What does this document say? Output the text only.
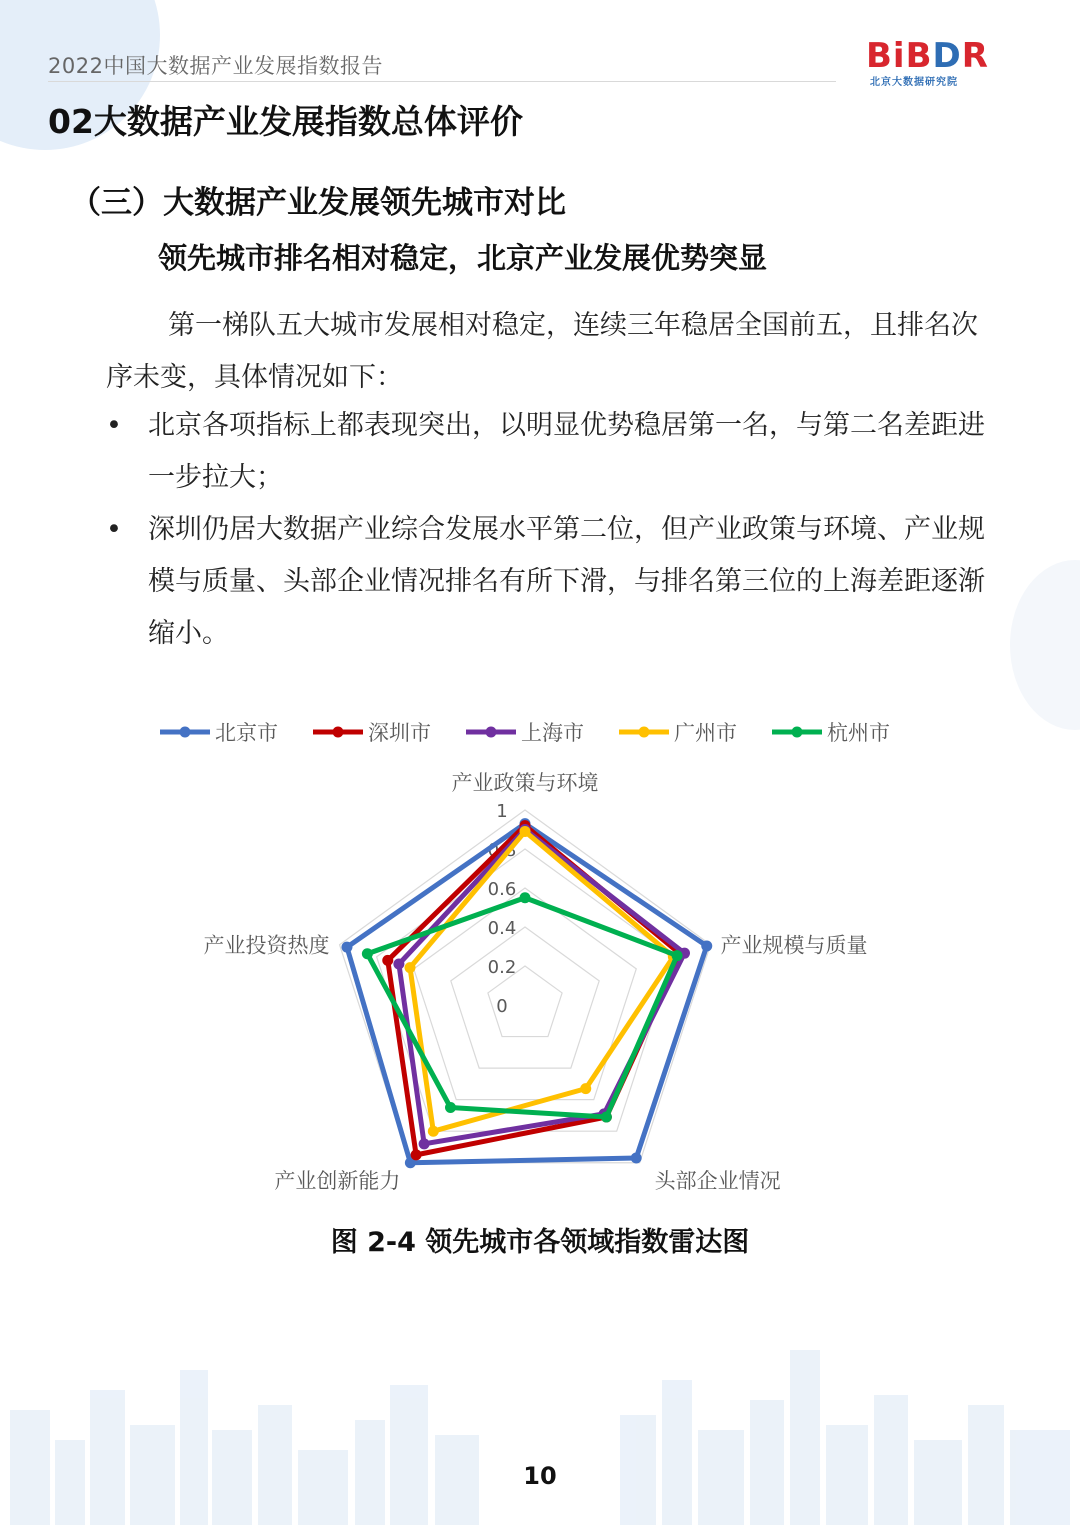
2022中国大数据产业发展指数报告	BiBDR
北京大数据研究院
02大数据产业发展指数总体评价
（三）大数据产业发展领先城市对比
领先城市排名相对稳定，北京产业发展优势突显
第一梯队五大城市发展相对稳定，连续三年稳居全国前五，且排名次序未变，具体情况如下：
• 北京各项指标上都表现突出，以明显优势稳居第一名，与第二名差距进一步拉大；
• 深圳仍居大数据产业综合发展水平第二位，但产业政策与环境、产业规模与质量、头部企业情况排名有所下滑，与排名第三位的上海差距逐渐缩小。
1
0.8
0.6
0.4
0.2
0
产业政策与环境
产业规模与质量
头部企业情况
产业创新能力
产业投资热度
北京市	深圳市	上海市	广州市	杭州市
图 2-4 领先城市各领域指数雷达图
10
